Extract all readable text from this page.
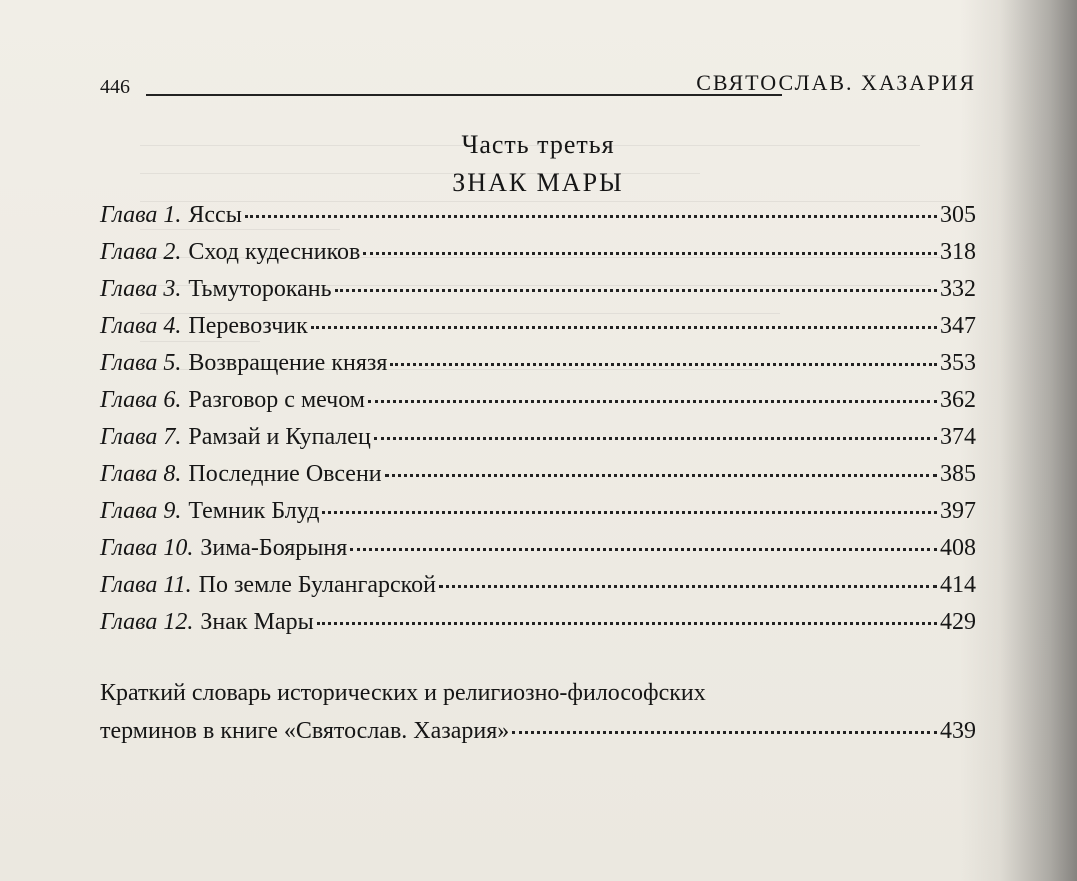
446	СВЯТОСЛАВ. ХАЗАРИЯ
Часть третья
ЗНАК МАРЫ
Глава 1. Яссы	305
Глава 2. Сход кудесников	318
Глава 3. Тьмуторокань	332
Глава 4. Перевозчик	347
Глава 5. Возвращение князя	353
Глава 6. Разговор с мечом	362
Глава 7. Рамзай и Купалец	374
Глава 8. Последние Овсени	385
Глава 9. Темник Блуд	397
Глава 10. Зима-Боярыня	408
Глава 11. По земле Булангарской	414
Глава 12. Знак Мары	429
Краткий словарь исторических и религиозно-философских
терминов в книге «Святослав. Хазария»	439
